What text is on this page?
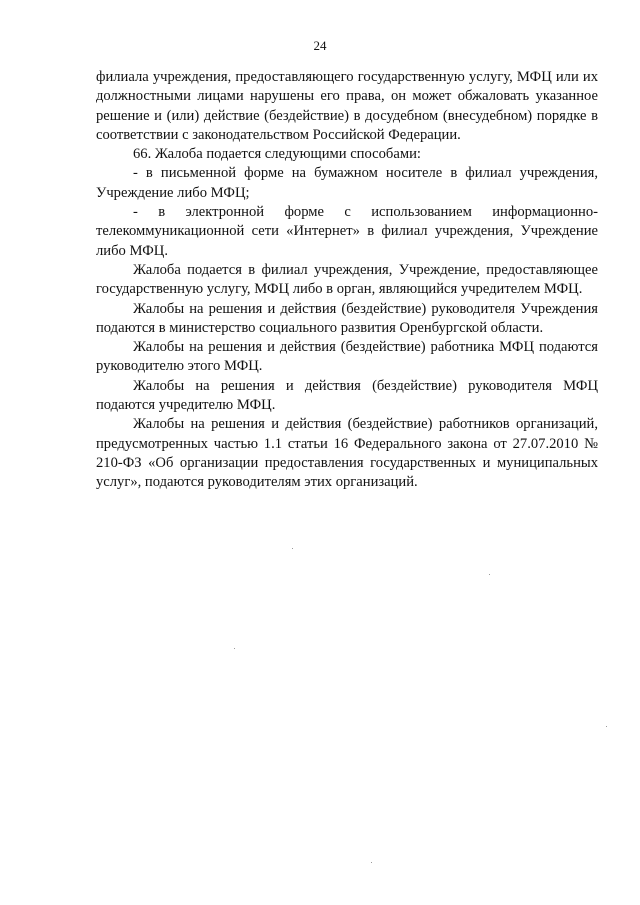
24

филиала учреждения, предоставляющего государственную услугу, МФЦ или их должностными лицами нарушены его права, он может обжаловать указанное решение и (или) действие (бездействие) в досудебном (внесудебном) порядке в соответствии с законодательством Российской Федерации.

66. Жалоба подается следующими способами:

- в письменной форме на бумажном носителе в филиал учреждения, Учреждение либо МФЦ;

- в электронной форме с использованием информационно-телекоммуникационной сети «Интернет» в филиал учреждения, Учреждение либо МФЦ.

Жалоба подается в филиал учреждения, Учреждение, предоставляющее государственную услугу, МФЦ либо в орган, являющийся учредителем МФЦ.

Жалобы на решения и действия (бездействие) руководителя Учреждения подаются в министерство социального развития Оренбургской области.

Жалобы на решения и действия (бездействие) работника МФЦ подаются руководителю этого МФЦ.

Жалобы на решения и действия (бездействие) руководителя МФЦ подаются учредителю МФЦ.

Жалобы на решения и действия (бездействие) работников организаций, предусмотренных частью 1.1 статьи 16 Федерального закона от 27.07.2010 № 210-ФЗ «Об организации предоставления государственных и муниципальных услуг», подаются руководителям этих организаций.
